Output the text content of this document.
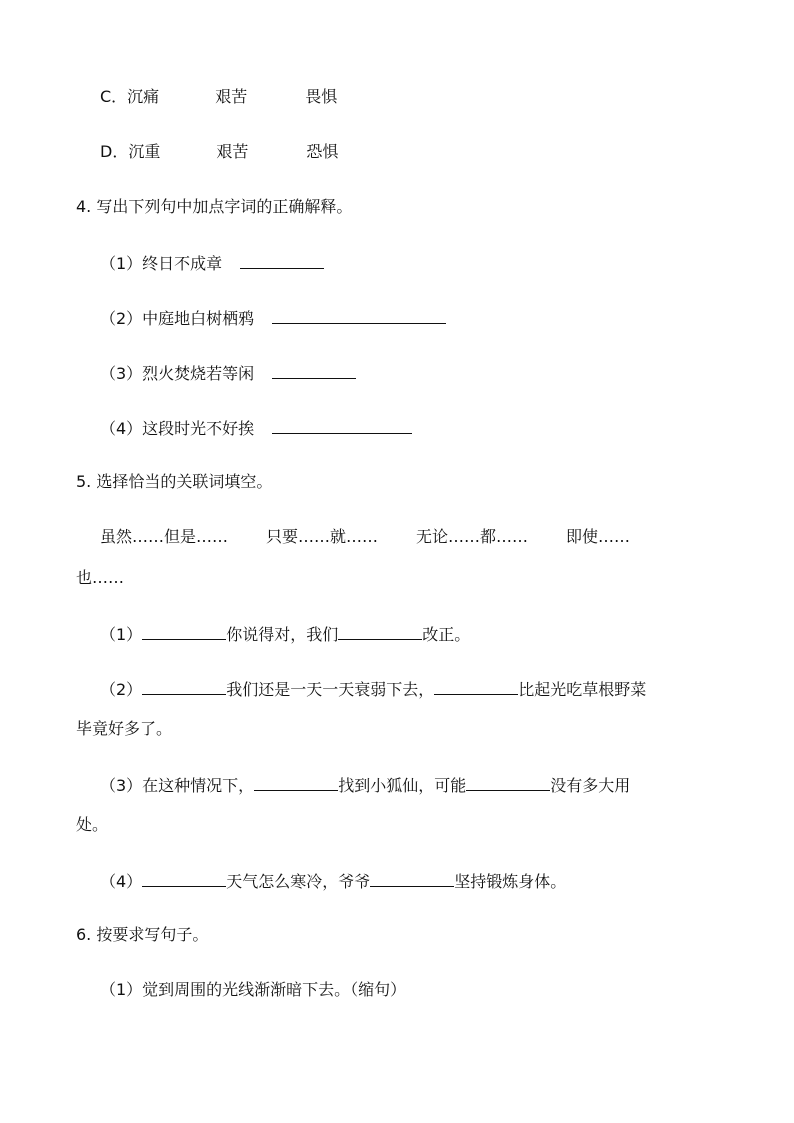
C．沉痛	艰苦	畏惧
D．沉重	艰苦	恐惧
4. 写出下列句中加点字词的正确解释。
（1）终日不成章
（2）中庭地白树栖鸦
（3）烈火焚烧若等闲
（4）这段时光不好挨
5. 选择恰当的关联词填空。
虽然……但是…… 只要……就…… 无论……都…… 即使……
也……
（1）	你说得对，我们	改正。
（2）	我们还是一天一天衰弱下去，	比起光吃草根野菜
毕竟好多了。
（3）在这种情况下，	找到小狐仙，可能	没有多大用
处。
（4）	天气怎么寒冷，爷爷	坚持锻炼身体。
6. 按要求写句子。
（1）觉到周围的光线渐渐暗下去。（缩句）
